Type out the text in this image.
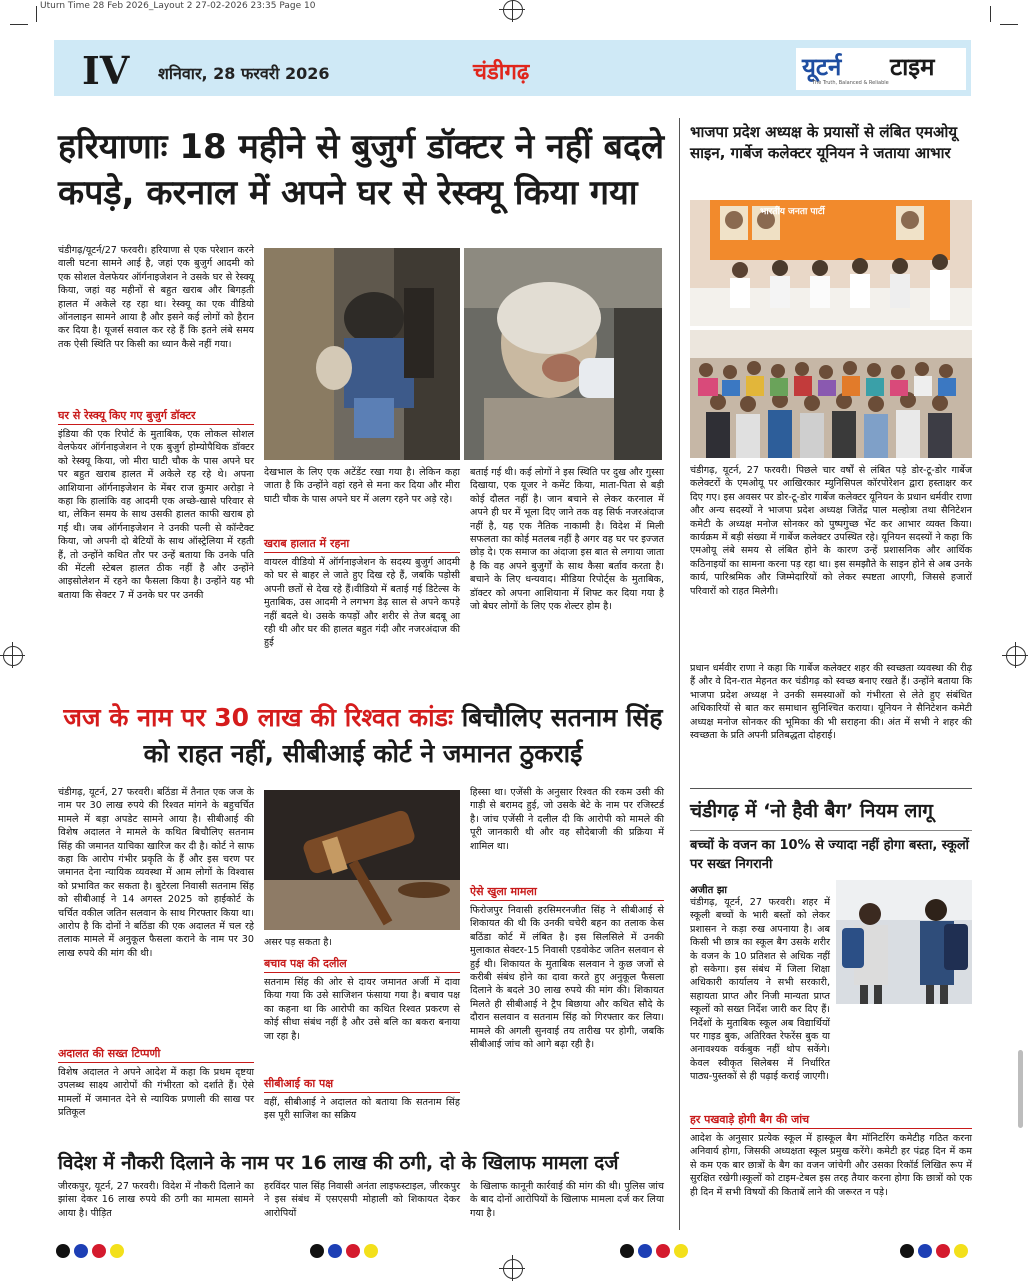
Uturn Time 28 Feb 2026_Layout 2 27-02-2026 23:35 Page 10
IV शनिवार, 28 फरवरी 2026	चंडीगढ़	यूटर्न टाइम
The Truth, Balanced & Reliable
हरियाणाः 18 महीने से बुजुर्ग डॉक्टर ने नहीं बदले कपड़े, करनाल में अपने घर से रेस्क्यू किया गया
चंडीगढ़/यूटर्न/27 फरवरी। हरियाणा से एक परेशान करने वाली घटना सामने आई है, जहां एक बुजुर्ग आदमी को एक सोशल वेलफेयर ऑर्गनाइजेशन ने उसके घर से रेस्क्यू किया, जहां वह महीनों से बहुत खराब और बिगड़ती हालत में अकेले रह रहा था। रेस्क्यू का एक वीडियो ऑनलाइन सामने आया है और इसने कई लोगों को हैरान कर दिया है। यूजर्स सवाल कर रहे हैं कि इतने लंबे समय तक ऐसी स्थिति पर किसी का ध्यान कैसे नहीं गया।
घर से रेस्क्यू किए गए बुजुर्ग डॉक्टर
इंडिया की एक रिपोर्ट के मुताबिक, एक लोकल सोशल वेलफेयर ऑर्गनाइजेशन ने एक बुजुर्ग होम्योपैथिक डॉक्टर को रेस्क्यू किया, जो मीरा घाटी चौक के पास अपने घर पर बहुत खराब हालत में अकेले रह रहे थे। अपना आशियाना ऑर्गनाइजेशन के मेंबर राज कुमार अरोड़ा ने कहा कि हालांकि वह आदमी एक अच्छे-खासे परिवार से था, लेकिन समय के साथ उसकी हालत काफी खराब हो गई थी। जब ऑर्गनाइजेशन ने उनकी पत्नी से कॉन्टैक्ट किया, जो अपनी दो बेटियों के साथ ऑस्ट्रेलिया में रहती हैं, तो उन्होंने कथित तौर पर उन्हें बताया कि उनके पति की मेंटली स्टेबल हालत ठीक नहीं है और उन्होंने आइसोलेशन में रहने का फैसला किया है। उन्होंने यह भी बताया कि सेक्टर 7 में उनके घर पर उनकी
देखभाल के लिए एक अटेंडेंट रखा गया है। लेकिन कहा जाता है कि उन्होंने वहां रहने से मना कर दिया और मीरा घाटी चौक के पास अपने घर में अलग रहने पर अड़े रहे।
खराब हालात में रहना
वायरल वीडियो में ऑर्गनाइजेशन के सदस्य बुजुर्ग आदमी को घर से बाहर ले जाते हुए दिख रहे हैं, जबकि पड़ोसी अपनी छतों से देख रहे हैं।वीडियो में बताई गई डिटेल्स के मुताबिक, उस आदमी ने लगभग डेढ़ साल से अपने कपड़े नहीं बदले थे। उसके कपड़ों और शरीर से तेज बदबू आ रही थी और घर की हालत बहुत गंदी और नजरअंदाज की हुई
बताई गई थी। कई लोगों ने इस स्थिति पर दुख और गुस्सा दिखाया, एक यूजर ने कमेंट किया, माता-पिता से बड़ी कोई दौलत नहीं है। जान बचाने से लेकर करनाल में अपने ही घर में भूला दिए जाने तक वह सिर्फ नजरअंदाज नहीं है, यह एक नैतिक नाकामी है। विदेश में मिली सफलता का कोई मतलब नहीं है अगर वह घर पर इज्जत छोड़ दे। एक समाज का अंदाजा इस बात से लगाया जाता है कि वह अपने बुजुर्गों के साथ कैसा बर्ताव करता है। बचाने के लिए धन्यवाद। मीडिया रिपोर्ट्स के मुताबिक, डॉक्टर को अपना आशियाना में शिफ्ट कर दिया गया है जो बेघर लोगों के लिए एक शेल्टर होम है।
जज के नाम पर 30 लाख की रिश्वत कांडः बिचौलिए सतनाम सिंह को राहत नहीं, सीबीआई कोर्ट ने जमानत ठुकराई
चंडीगढ़, यूटर्न, 27 फरवरी। बठिंडा में तैनात एक जज के नाम पर 30 लाख रुपये की रिश्वत मांगने के बहुचर्चित मामले में बड़ा अपडेट सामने आया है। सीबीआई की विशेष अदालत ने मामले के कथित बिचौलिए सतनाम सिंह की जमानत याचिका खारिज कर दी है। कोर्ट ने साफ कहा कि आरोप गंभीर प्रकृति के हैं और इस चरण पर जमानत देना न्यायिक व्यवस्था में आम लोगों के विश्वास को प्रभावित कर सकता है। बुटेरला निवासी सतनाम सिंह को सीबीआई ने 14 अगस्त 2025 को हाईकोर्ट के चर्चित वकील जतिन सलवान के साथ गिरफ्तार किया था। आरोप है कि दोनों ने बठिंडा की एक अदालत में चल रहे तलाक मामले में अनुकूल फैसला कराने के नाम पर 30 लाख रुपये की मांग की थी।
अदालत की सख्त टिप्पणी
विशेष अदालत ने अपने आदेश में कहा कि प्रथम दृष्टया उपलब्ध साक्ष्य आरोपों की गंभीरता को दर्शाते हैं। ऐसे मामलों में जमानत देने से न्यायिक प्रणाली की साख पर प्रतिकूल
असर पड़ सकता है।
बचाव पक्ष की दलील
सतनाम सिंह की ओर से दायर जमानत अर्जी में दावा किया गया कि उसे साजिशन फंसाया गया है। बचाव पक्ष का कहना था कि आरोपी का कथित रिश्वत प्रकरण से कोई सीधा संबंध नहीं है और उसे बलि का बकरा बनाया जा रहा है।
सीबीआई का पक्ष
वहीं, सीबीआई ने अदालत को बताया कि सतनाम सिंह इस पूरी साजिश का सक्रिय
हिस्सा था। एजेंसी के अनुसार रिश्वत की रकम उसी की गाड़ी से बरामद हुई, जो उसके बेटे के नाम पर रजिस्टर्ड है। जांच एजेंसी ने दलील दी कि आरोपी को मामले की पूरी जानकारी थी और वह सौदेबाजी की प्रक्रिया में शामिल था।
ऐसे खुला मामला
फिरोजपुर निवासी हरसिमरनजीत सिंह ने सीबीआई से शिकायत की थी कि उनकी चचेरी बहन का तलाक केस बठिंडा कोर्ट में लंबित है। इस सिलसिले में उनकी मुलाकात सेक्टर-15 निवासी एडवोकेट जतिन सलवान से हुई थी। शिकायत के मुताबिक सलवान ने कुछ जजों से करीबी संबंध होने का दावा करते हुए अनुकूल फैसला दिलाने के बदले 30 लाख रुपये की मांग की। शिकायत मिलते ही सीबीआई ने ट्रैप बिछाया और कथित सौदे के दौरान सलवान व सतनाम सिंह को गिरफ्तार कर लिया। मामले की अगली सुनवाई तय तारीख पर होगी, जबकि सीबीआई जांच को आगे बढ़ा रही है।
विदेश में नौकरी दिलाने के नाम पर 16 लाख की ठगी, दो के खिलाफ मामला दर्ज
जीरकपुर, यूटर्न, 27 फरवरी। विदेश में नौकरी दिलाने का झांसा देकर 16 लाख रुपये की ठगी का मामला सामने आया है। पीड़ित
हरविंदर पाल सिंह निवासी अनंता लाइफस्टाइल, जीरकपुर ने इस संबंध में एसएसपी मोहाली को शिकायत देकर आरोपियों
के खिलाफ कानूनी कार्रवाई की मांग की थी। पुलिस जांच के बाद दोनों आरोपियों के खिलाफ मामला दर्ज कर लिया गया है।
भाजपा प्रदेश अध्यक्ष के प्रयासों से लंबित एमओयू साइन, गार्बेज कलेक्टर यूनियन ने जताया आभार
भारतीय जनता पार्टी
चंडीगढ़, यूटर्न, 27 फरवरी। पिछले चार वर्षों से लंबित पड़े डोर-टू-डोर गार्बेज कलेक्टरों के एमओयू पर आखिरकार म्युनिसिपल कॉरपोरेशन द्वारा हस्ताक्षर कर दिए गए। इस अवसर पर डोर-टू-डोर गार्बेज कलेक्टर यूनियन के प्रधान धर्मवीर राणा और अन्य सदस्यों ने भाजपा प्रदेश अध्यक्ष जितेंद्र पाल मल्होत्रा तथा सैनिटेशन कमेटी के अध्यक्ष मनोज सोनकर को पुष्पगुच्छ भेंट कर आभार व्यक्त किया। कार्यक्रम में बड़ी संख्या में गार्बेज कलेक्टर उपस्थित रहे। यूनियन सदस्यों ने कहा कि एमओयू लंबे समय से लंबित होने के कारण उन्हें प्रशासनिक और आर्थिक कठिनाइयों का सामना करना पड़ रहा था। इस समझौते के साइन होने से अब उनके कार्य, पारिश्रमिक और जिम्मेदारियों को लेकर स्पष्टता आएगी, जिससे हजारों परिवारों को राहत मिलेगी।
प्रधान धर्मवीर राणा ने कहा कि गार्बेज कलेक्टर शहर की स्वच्छता व्यवस्था की रीढ़ हैं और वे दिन-रात मेहनत कर चंडीगढ़ को स्वच्छ बनाए रखते हैं। उन्होंने बताया कि भाजपा प्रदेश अध्यक्ष ने उनकी समस्याओं को गंभीरता से लेते हुए संबंधित अधिकारियों से बात कर समाधान सुनिश्चित कराया। यूनियन ने सैनिटेशन कमेटी अध्यक्ष मनोज सोनकर की भूमिका की भी सराहना की। अंत में सभी ने शहर की स्वच्छता के प्रति अपनी प्रतिबद्धता दोहराई।
चंडीगढ़ में ‘नो हैवी बैग’ नियम लागू
बच्चों के वजन का 10% से ज्यादा नहीं होगा बस्ता, स्कूलों पर सख्त निगरानी
अजीत झा
चंडीगढ़, यूटर्न, 27 फरवरी। शहर में स्कूली बच्चों के भारी बस्तों को लेकर प्रशासन ने कड़ा रुख अपनाया है। अब किसी भी छात्र का स्कूल बैग उसके शरीर के वजन के 10 प्रतिशत से अधिक नहीं हो सकेगा। इस संबंध में जिला शिक्षा अधिकारी कार्यालय ने सभी सरकारी, सहायता प्राप्त और निजी मान्यता प्राप्त स्कूलों को सख्त निर्देश जारी कर दिए हैं। निर्देशों के मुताबिक स्कूल अब विद्यार्थियों पर गाइड बुक, अतिरिक्त रेफरेंस बुक या अनावश्यक वर्कबुक नहीं थोप सकेंगे। केवल स्वीकृत सिलेबस में निर्धारित पाठ्य-पुस्तकों से ही पढ़ाई कराई जाएगी।
हर पखवाड़े होगी बैग की जांच
आदेश के अनुसार प्रत्येक स्कूल में हास्कूल बैग मॉनिटरिंग कमेटीह गठित करना अनिवार्य होगा, जिसकी अध्यक्षता स्कूल प्रमुख करेंगे। कमेटी हर पंद्रह दिन में कम से कम एक बार छात्रों के बैग का वजन जांचेगी और उसका रिकॉर्ड लिखित रूप में सुरक्षित रखेगी।स्कूलों को टाइम-टेबल इस तरह तैयार करना होगा कि छात्रों को एक ही दिन में सभी विषयों की किताबें लाने की जरूरत न पड़े।
